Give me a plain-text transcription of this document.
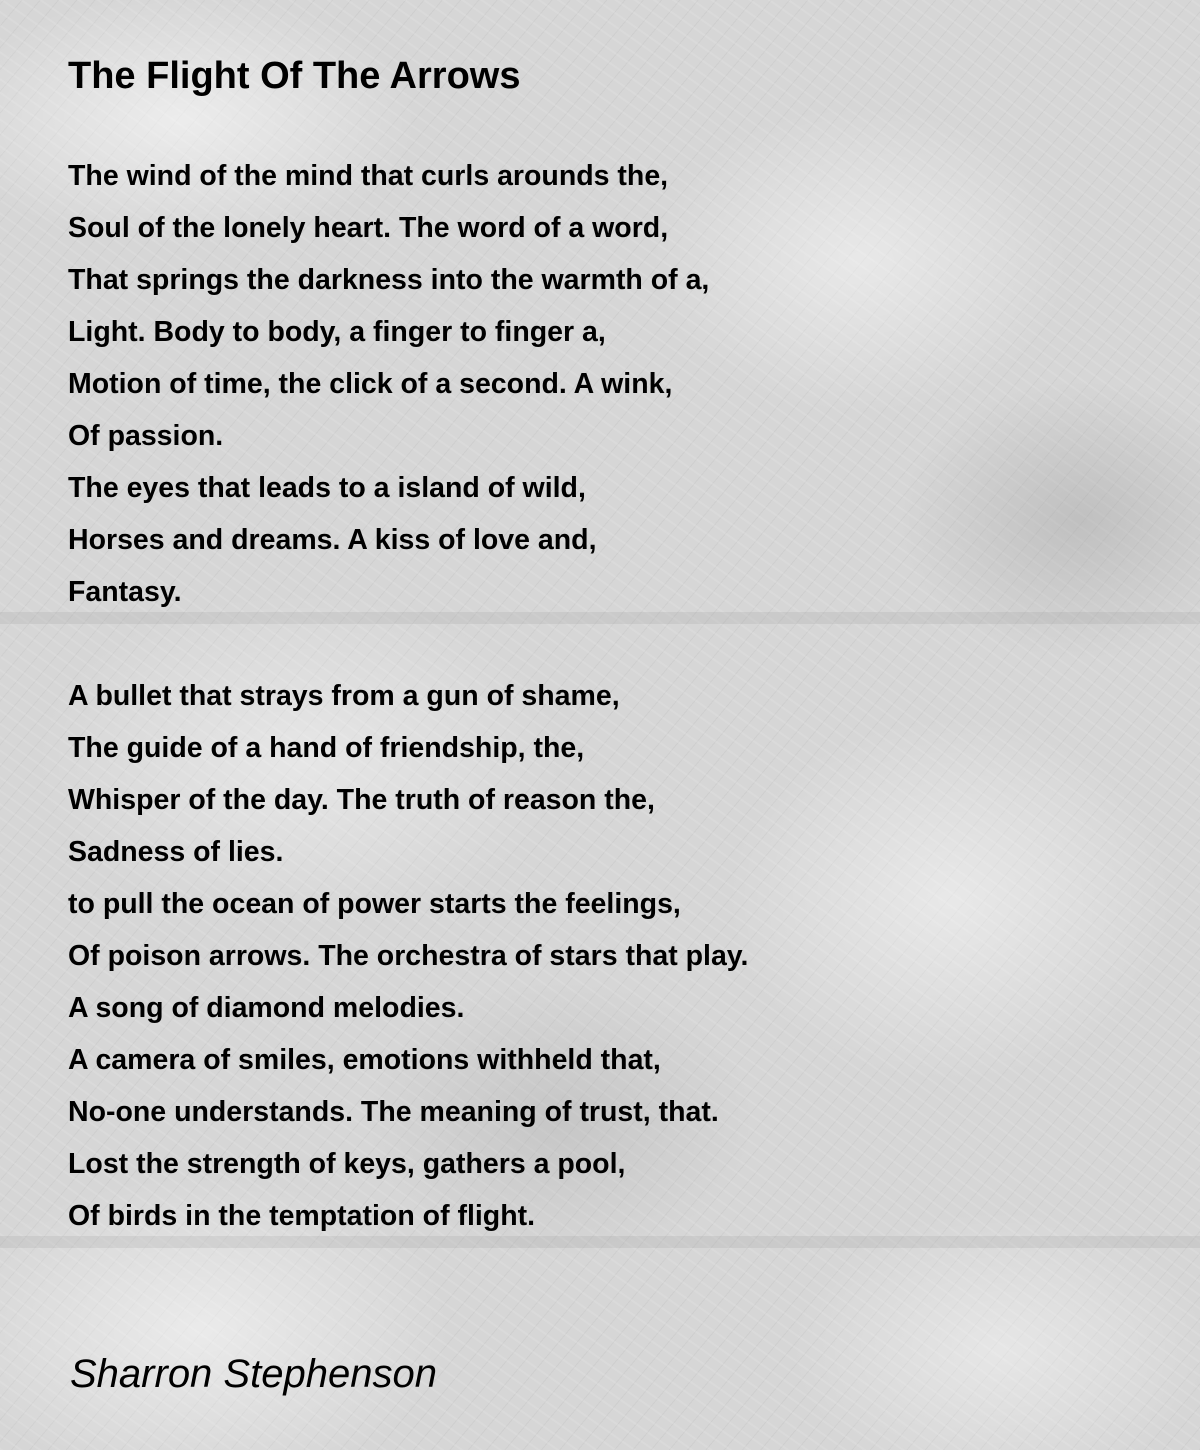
The Flight Of The Arrows
The wind of the mind that curls arounds the,
Soul of the lonely heart. The word of a word,
That springs the darkness into the warmth of a,
Light. Body to body, a finger to finger a,
Motion of time, the click of a second. A wink,
Of passion.
The eyes that leads to a island of wild,
Horses and dreams. A kiss of love and,
Fantasy.
A bullet that strays from a gun of shame,
The guide of a hand of friendship, the,
Whisper of the day. The truth of reason the,
Sadness of lies.
to pull the ocean of power starts the feelings,
Of poison arrows. The orchestra of stars that play.
A song of diamond melodies.
A camera of smiles, emotions withheld that,
No-one understands. The meaning of trust, that.
Lost the strength of keys, gathers a pool,
Of birds in the temptation of flight.
Sharron Stephenson
